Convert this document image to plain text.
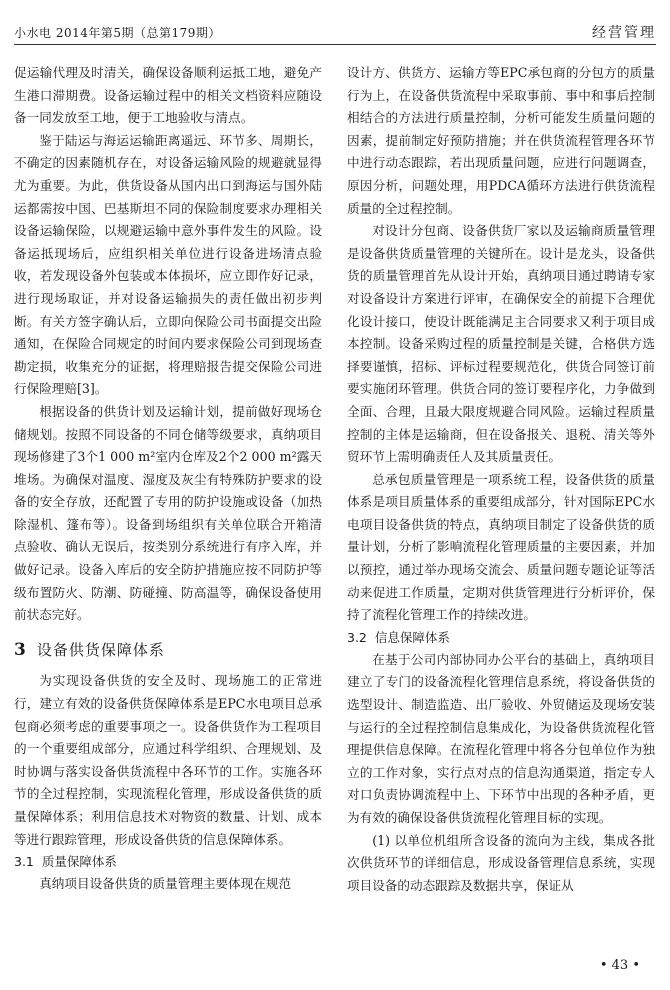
小水电 2014年第5期（总第179期）	经营管理

促运输代理及时清关，确保设备顺利运抵工地，避免产生港口滞期费。设备运输过程中的相关文档资料应随设备一同发放至工地，便于工地验收与清点。

鉴于陆运与海运运输距离遥远、环节多、周期长，不确定的因素随机存在，对设备运输风险的规避就显得尤为重要。为此，供货设备从国内出口到海运与国外陆运都需按中国、巴基斯坦不同的保险制度要求办理相关设备运输保险，以规避运输中意外事件发生的风险。设备运抵现场后，应组织相关单位进行设备进场清点验收，若发现设备外包装或本体损坏，应立即作好记录，进行现场取证，并对设备运输损失的责任做出初步判断。有关方签字确认后，立即向保险公司书面提交出险通知，在保险合同规定的时间内要求保险公司到现场查勘定损，收集充分的证据，将理赔报告提交保险公司进行保险理赔[3]。

根据设备的供货计划及运输计划，提前做好现场仓储规划。按照不同设备的不同仓储等级要求，真纳项目现场修建了3个1 000 m²室内仓库及2个2 000 m²露天堆场。为确保对温度、湿度及灰尘有特殊防护要求的设备的安全存放，还配置了专用的防护设施或设备（加热除湿机、篷布等）。设备到场组织有关单位联合开箱清点验收、确认无误后，按类别分系统进行有序入库，并做好记录。设备入库后的安全防护措施应按不同防护等级布置防火、防潮、防碰撞、防高温等，确保设备使用前状态完好。

3 设备供货保障体系

为实现设备供货的安全及时、现场施工的正常进行，建立有效的设备供货保障体系是EPC水电项目总承包商必须考虑的重要事项之一。设备供货作为工程项目的一个重要组成部分，应通过科学组织、合理规划、及时协调与落实设备供货流程中各环节的工作。实施各环节的全过程控制，实现流程化管理，形成设备供货的质量保障体系；利用信息技术对物资的数量、计划、成本等进行跟踪管理，形成设备供货的信息保障体系。

3.1 质量保障体系

真纳项目设备供货的质量管理主要体现在规范

设计方、供货方、运输方等EPC承包商的分包方的质量行为上，在设备供货流程中采取事前、事中和事后控制相结合的方法进行质量控制，分析可能发生质量问题的因素，提前制定好预防措施；并在供货流程管理各环节中进行动态跟踪，若出现质量问题，应进行问题调查，原因分析，问题处理，用PDCA循环方法进行供货流程质量的全过程控制。

对设计分包商、设备供货厂家以及运输商质量管理是设备供货质量管理的关键所在。设计是龙头，设备供货的质量管理首先从设计开始，真纳项目通过聘请专家对设备设计方案进行评审，在确保安全的前提下合理优化设计接口，使设计既能满足主合同要求又利于项目成本控制。设备采购过程的质量控制是关键，合格供方选择要谨慎，招标、评标过程要规范化，供货合同签订前要实施闭环管理。供货合同的签订要程序化，力争做到全面、合理，且最大限度规避合同风险。运输过程质量控制的主体是运输商，但在设备报关、退税、清关等外贸环节上需明确责任人及其质量责任。

总承包质量管理是一项系统工程，设备供货的质量体系是项目质量体系的重要组成部分，针对国际EPC水电项目设备供货的特点，真纳项目制定了设备供货的质量计划，分析了影响流程化管理质量的主要因素，并加以预控，通过举办现场交流会、质量问题专题论证等活动来促进工作质量，定期对供货管理进行分析评价，保持了流程化管理工作的持续改进。

3.2 信息保障体系

在基于公司内部协同办公平台的基础上，真纳项目建立了专门的设备流程化管理信息系统，将设备供货的选型设计、制造监造、出厂验收、外贸储运及现场安装与运行的全过程控制信息集成化，为设备供货流程化管理提供信息保障。在流程化管理中将各分包单位作为独立的工作对象，实行点对点的信息沟通渠道，指定专人对口负责协调流程中上、下环节中出现的各种矛盾，更为有效的确保设备供货流程化管理目标的实现。

(1) 以单位机组所含设备的流向为主线，集成各批次供货环节的详细信息，形成设备管理信息系统，实现项目设备的动态跟踪及数据共享，保证从

• 43 •
